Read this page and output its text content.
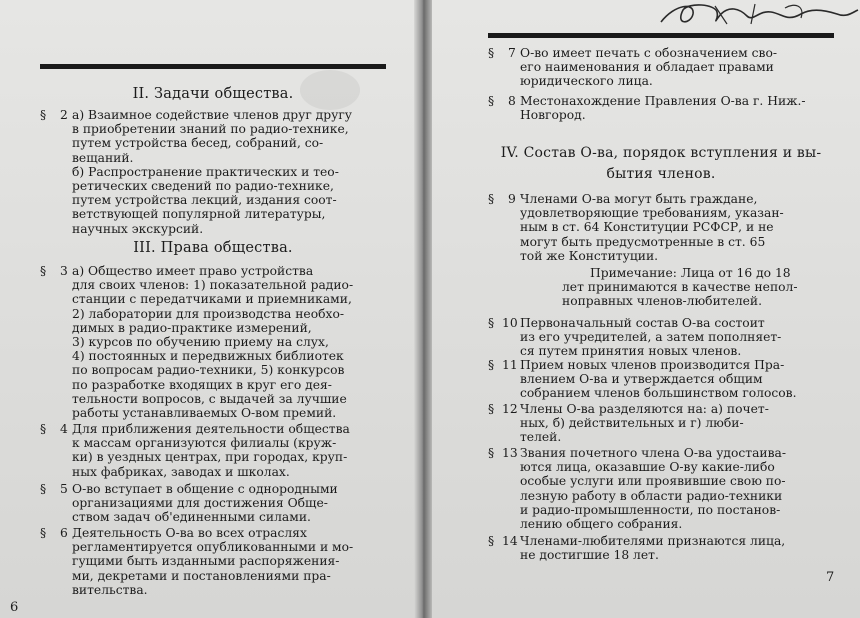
II. Задачи общества.
§ 2 а) Взаимное содействие членов друг другу
в приобретении знаний по радио-технике,
путем устройства бесед, собраний, со-
вещаний.
б) Распространение практических и тео-
ретических сведений по радио-технике,
путем устройства лекций, издания соот-
ветствующей популярной литературы,
научных экскурсий.
III. Права общества.
§ 3 а) Общество имеет право устройства
для своих членов: 1) показательной радио-
станции с передатчиками и приемниками,
2) лаборатории для производства необхо-
димых в радио-практике измерений,
3) курсов по обучению приему на слух,
4) постоянных и передвижных библиотек
по вопросам радио-техники, 5) конкурсов
по разработке входящих в круг его дея-
тельности вопросов, с выдачей за лучшие
работы устанавливаемых О-вом премий.
§ 4 Для приближения деятельности общества
к массам организуются филиалы (круж-
ки) в уездных центрах, при городах, круп-
ных фабриках, заводах и школах.
§ 5 О-во вступает в общение с однородными
организациями для достижения Обще-
ством задач об'единенными силами.
§ 6 Деятельность О-ва во всех отраслях
регламентируется опубликованными и мо-
гущими быть изданными распоряжения-
ми, декретами и постановлениями пра-
вительства.
6
§ 7 О-во имеет печать с обозначением сво-
его наименования и обладает правами
юридического лица.
§ 8 Местонахождение Правления О-ва г. Ниж.-
Новгород.
IV. Состав О-ва, порядок вступления и вы-
бытия членов.
§ 9 Членами О-ва могут быть граждане,
удовлетворяющие требованиям, указан-
ным в ст. 64 Конституции РСФСР, и не
могут быть предусмотренные в ст. 65
той же Конституции.
Примечание: Лица от 16 до 18
лет принимаются в качестве непол-
ноправных членов-любителей.
§ 10 Первоначальный состав О-ва состоит
из его учредителей, а затем пополняет-
ся путем принятия новых членов.
§ 11 Прием новых членов производится Пра-
влением О-ва и утверждается общим
собранием членов большинством голосов.
§ 12 Члены О-ва разделяются на: а) почет-
ных, б) действительных и г) люби-
телей.
§ 13 Звания почетного члена О-ва удостаива-
ются лица, оказавшие О-ву какие-либо
особые услуги или проявившие свою по-
лезную работу в области радио-техники
и радио-промышленности, по постанов-
лению общего собрания.
§ 14 Членами-любителями признаются лица,
не достигшие 18 лет.
7
